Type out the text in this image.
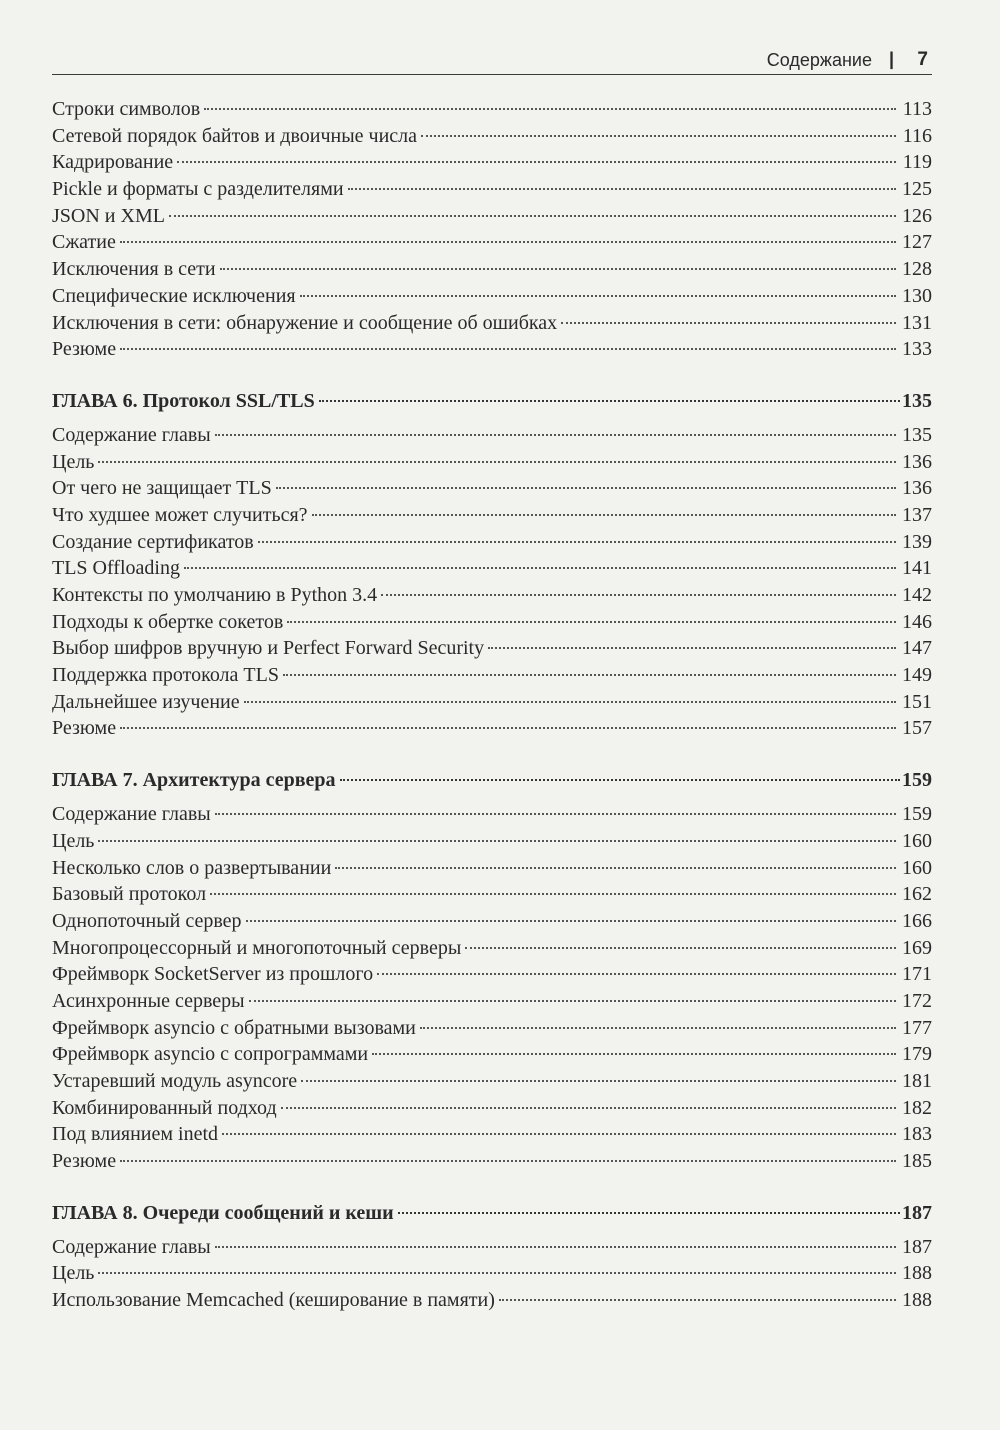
Содержание | 7
Строки символов	113
Сетевой порядок байтов и двоичные числа	116
Кадрирование	119
Pickle и форматы с разделителями	125
JSON и XML	126
Сжатие	127
Исключения в сети	128
Специфические исключения	130
Исключения в сети: обнаружение и сообщение об ошибках	131
Резюме	133
ГЛАВА 6. Протокол SSL/TLS	135
Содержание главы	135
Цель	136
От чего не защищает TLS	136
Что худшее может случиться?	137
Создание сертификатов	139
TLS Offloading	141
Контексты по умолчанию в Python 3.4	142
Подходы к обертке сокетов	146
Выбор шифров вручную и Perfect Forward Security	147
Поддержка протокола TLS	149
Дальнейшее изучение	151
Резюме	157
ГЛАВА 7. Архитектура сервера	159
Содержание главы	159
Цель	160
Несколько слов о развертывании	160
Базовый протокол	162
Однопоточный сервер	166
Многопроцессорный и многопоточный серверы	169
Фреймворк SocketServer из прошлого	171
Асинхронные серверы	172
Фреймворк asyncio с обратными вызовами	177
Фреймворк asyncio с сопрограммами	179
Устаревший модуль asyncore	181
Комбинированный подход	182
Под влиянием inetd	183
Резюме	185
ГЛАВА 8. Очереди сообщений и кеши	187
Содержание главы	187
Цель	188
Использование Memcached (кеширование в памяти)	188
